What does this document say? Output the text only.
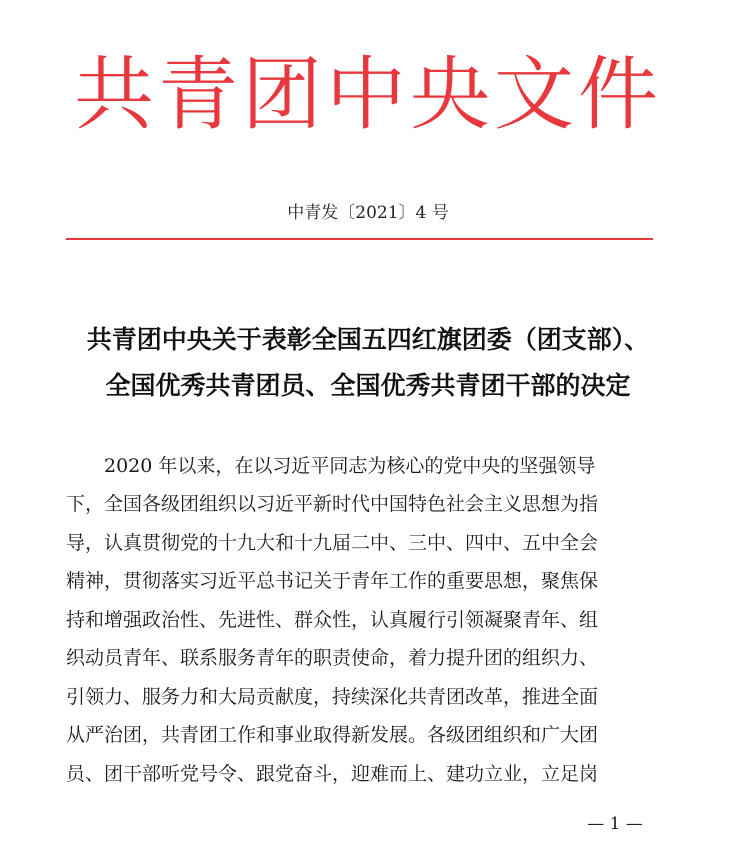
共青团中央文件
中青发〔2021〕4 号
共青团中央关于表彰全国五四红旗团委（团支部）、
全国优秀共青团员、全国优秀共青团干部的决定
2020 年以来，在以习近平同志为核心的党中央的坚强领导
下，全国各级团组织以习近平新时代中国特色社会主义思想为指
导，认真贯彻党的十九大和十九届二中、三中、四中、五中全会
精神，贯彻落实习近平总书记关于青年工作的重要思想，聚焦保
持和增强政治性、先进性、群众性，认真履行引领凝聚青年、组
织动员青年、联系服务青年的职责使命，着力提升团的组织力、
引领力、服务力和大局贡献度，持续深化共青团改革，推进全面
从严治团，共青团工作和事业取得新发展。各级团组织和广大团
员、团干部听党号令、跟党奋斗，迎难而上、建功立业，立足岗
— 1 —
